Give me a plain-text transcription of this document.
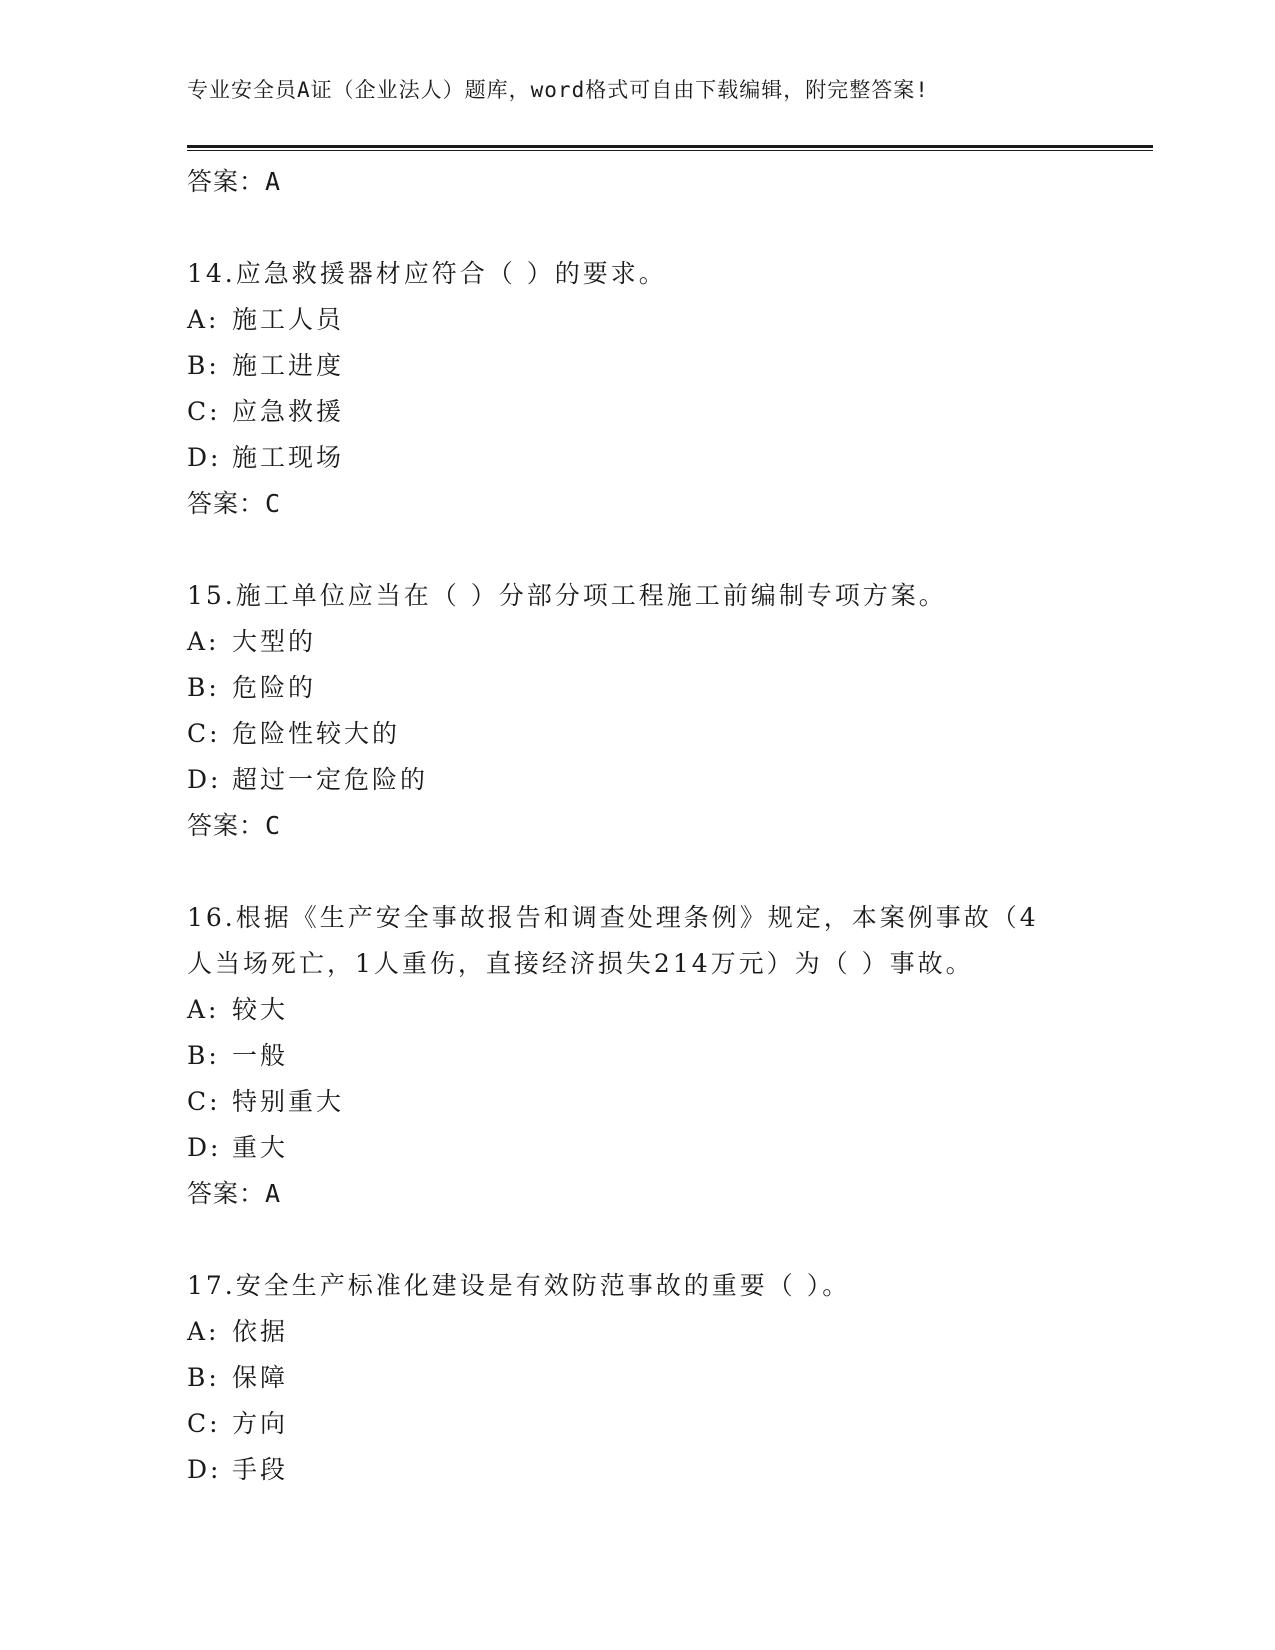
专业安全员A证（企业法人）题库，word格式可自由下载编辑，附完整答案!
答案：A
14.应急救援器材应符合（ ）的要求。
A: 施工人员
B: 施工进度
C: 应急救援
D: 施工现场
答案：C
15.施工单位应当在（ ）分部分项工程施工前编制专项方案。
A: 大型的
B: 危险的
C: 危险性较大的
D: 超过一定危险的
答案：C
16.根据《生产安全事故报告和调查处理条例》规定，本案例事故（4
人当场死亡，1人重伤，直接经济损失214万元）为（ ）事故。
A: 较大
B: 一般
C: 特别重大
D: 重大
答案：A
17.安全生产标准化建设是有效防范事故的重要（ ）。
A: 依据
B: 保障
C: 方向
D: 手段
